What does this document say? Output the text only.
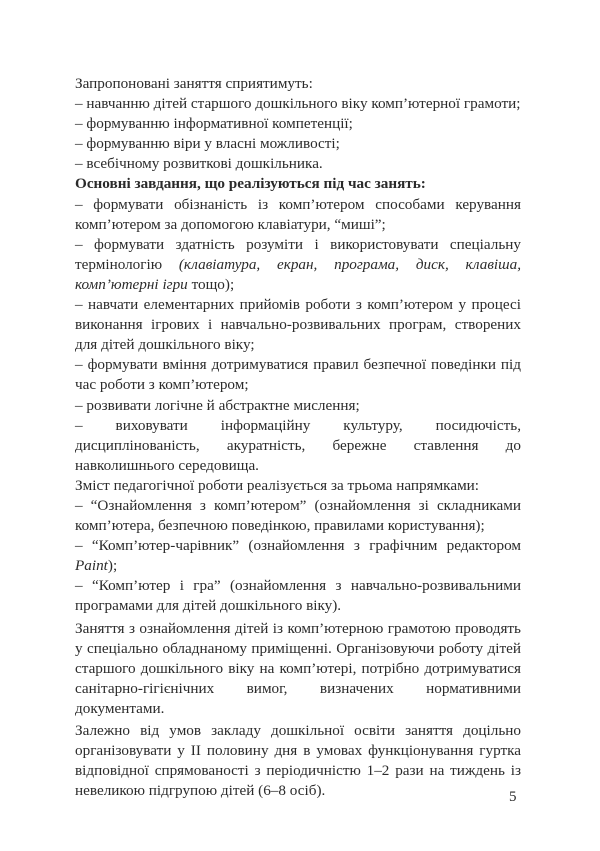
Запропоновані заняття сприятимуть:

– навчанню дітей старшого дошкільного віку комп’ютерної грамоти;

– формуванню інформативної компетенції;

– формуванню віри у власні можливості;

– всебічному розвиткові дошкільника.

Основні завдання, що реалізуються під час занять:

– формувати обізнаність із комп’ютером способами керування комп’ютером за допомогою клавіатури, “миші”;

– формувати здатність розуміти і використовувати спеціальну термінологію (клавіатура, екран, програма, диск, клавіша, комп’ютерні ігри тощо);

– навчати елементарних прийомів роботи з комп’ютером у процесі виконання ігрових і навчально-розвивальних програм, створених для дітей дошкільного віку;

– формувати вміння дотримуватися правил безпечної поведінки під час роботи з комп’ютером;

– розвивати логічне й абстрактне мислення;

– виховувати інформаційну культуру, посидючість, дисциплінованість, акуратність, бережне ставлення до навколишнього середовища.

Зміст педагогічної роботи реалізується за трьома напрямками:

– “Ознайомлення з комп’ютером” (ознайомлення зі складниками комп’ютера, безпечною поведінкою, правилами користування);

– “Комп’ютер-чарівник” (ознайомлення з графічним редактором Paint);

– “Комп’ютер і гра” (ознайомлення з навчально-розвивальними програмами для дітей дошкільного віку).

Заняття з ознайомлення дітей із комп’ютерною грамотою проводять у спеціально обладнаному приміщенні. Організовуючи роботу дітей старшого дошкільного віку на комп’ютері, потрібно дотримуватися санітарно-гігієнічних вимог, визначених нормативними документами.

Залежно від умов закладу дошкільної освіти заняття доцільно організовувати у ІІ половину дня в умовах функціонування гуртка відповідної спрямованості з періодичністю 1–2 рази на тиждень із невеликою підгрупою дітей (6–8 осіб).	5
